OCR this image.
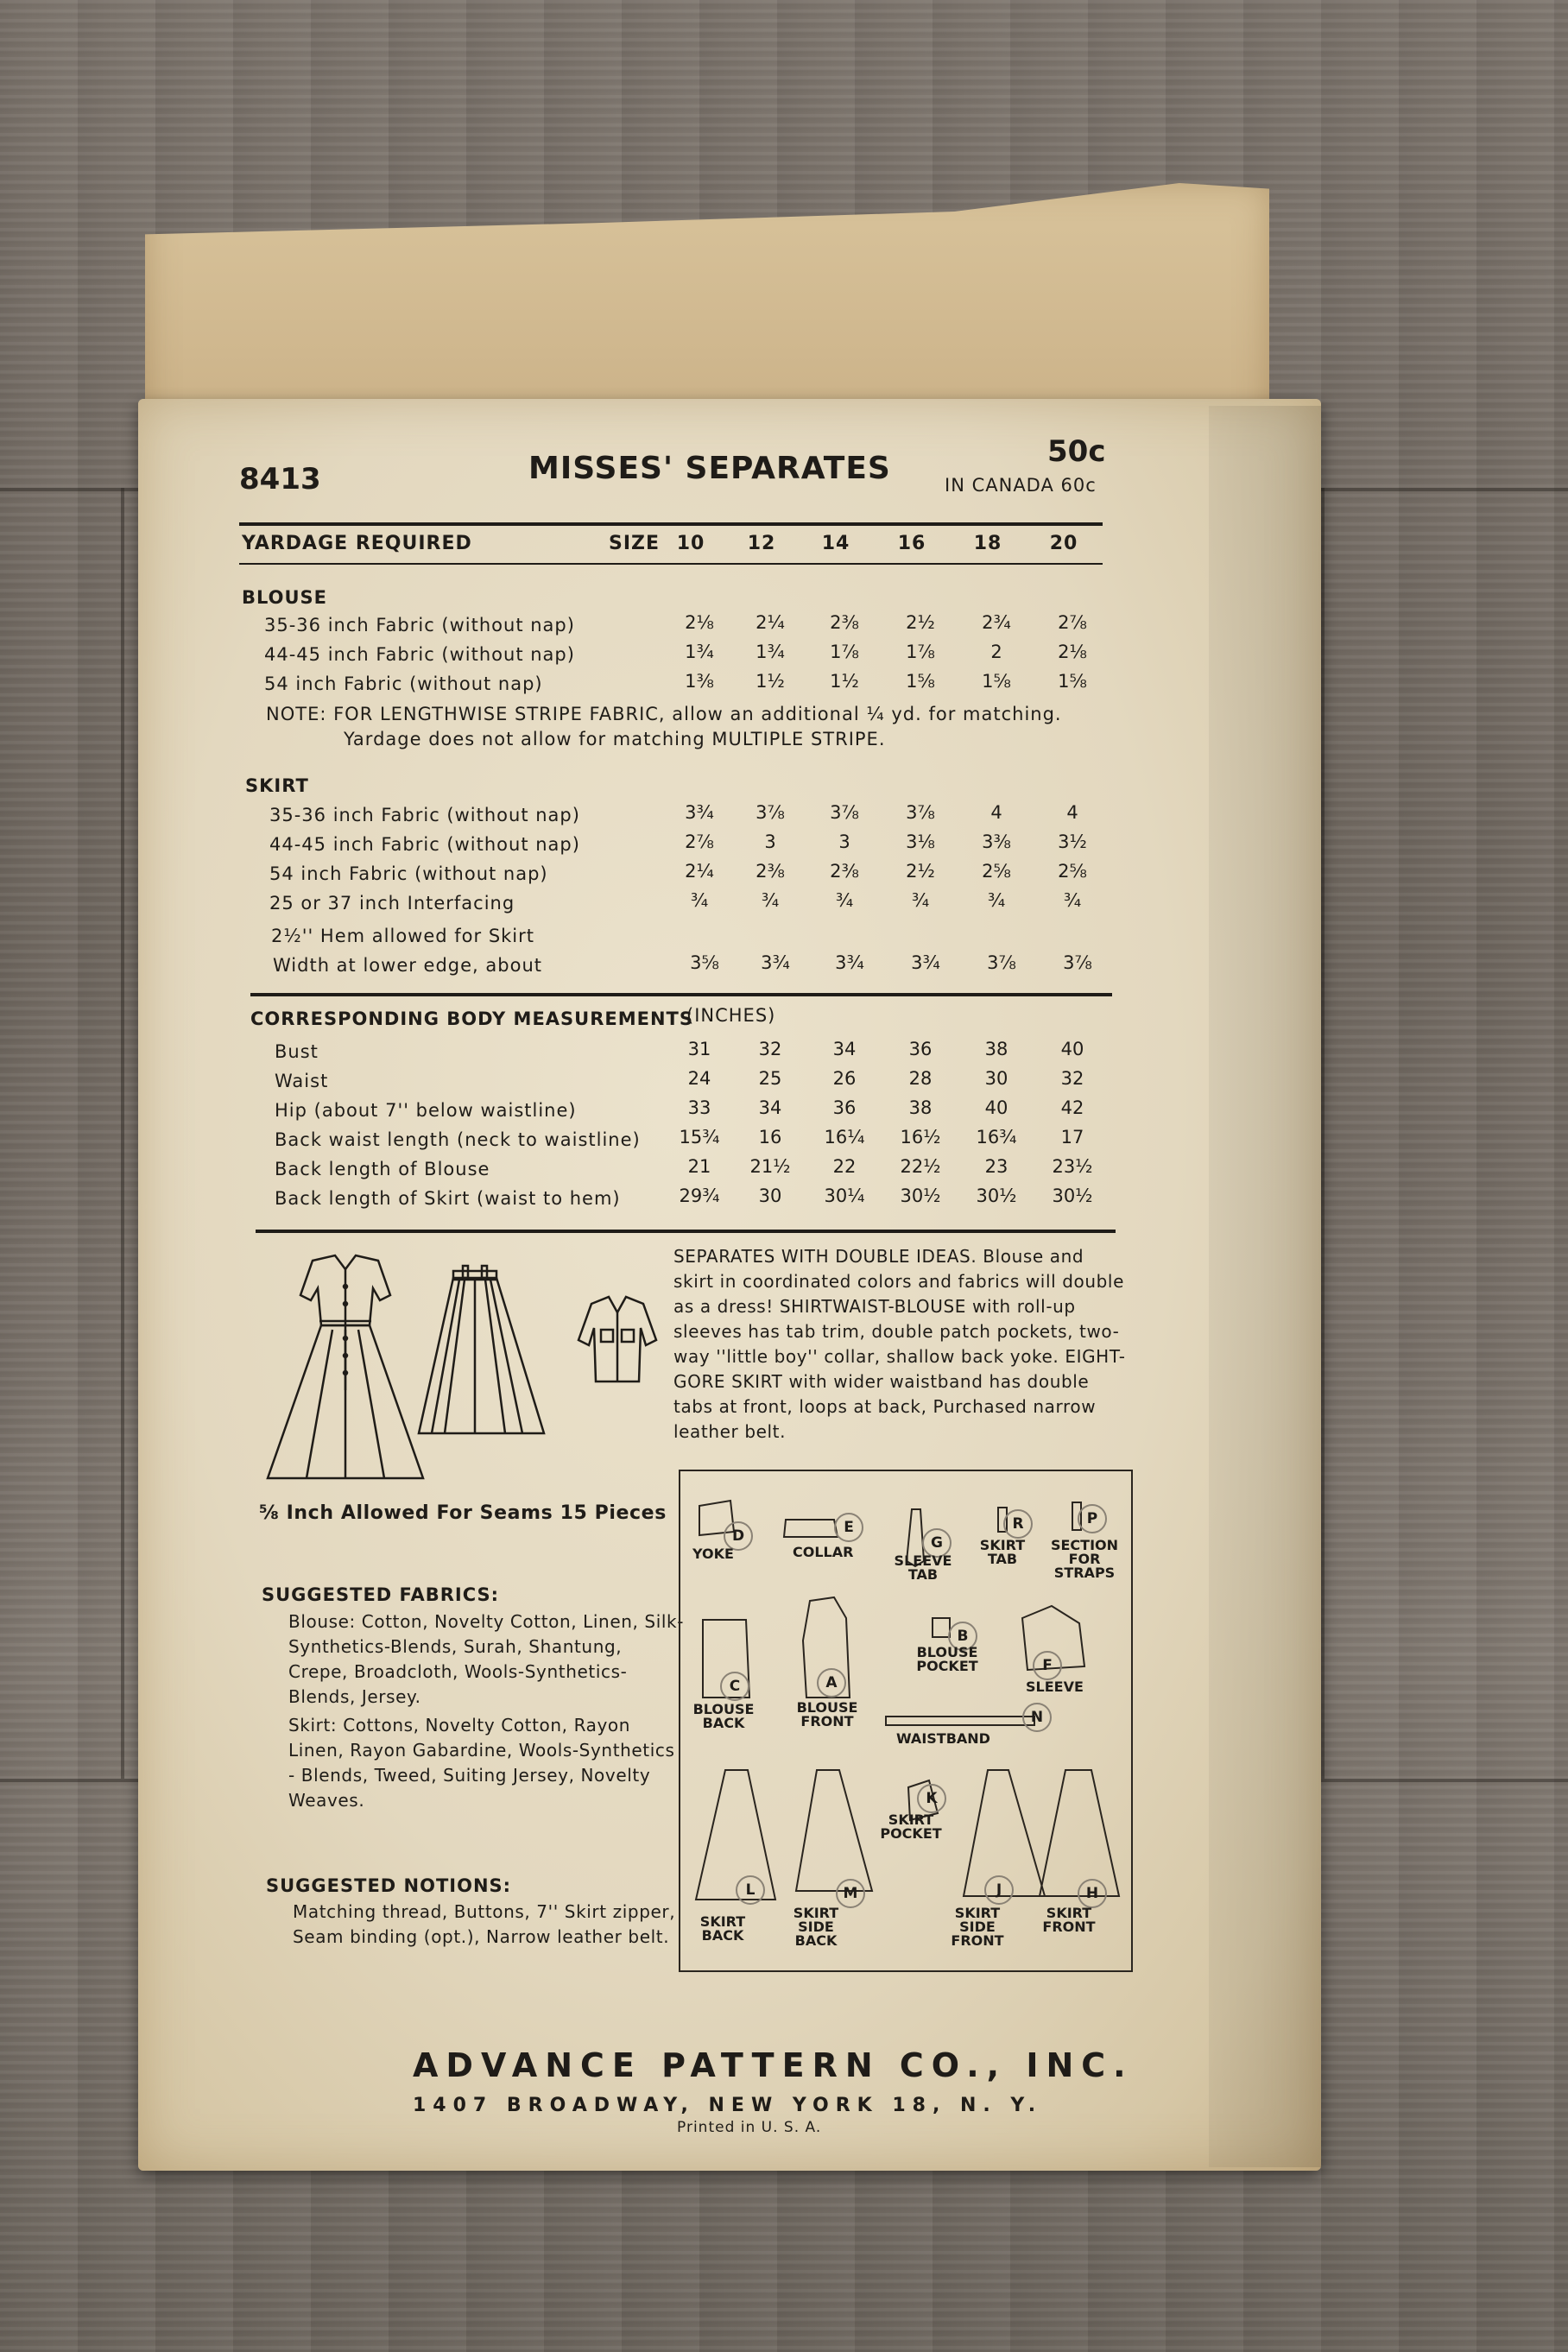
8413	MISSES' SEPARATES	50c
IN CANADA 60c
YARDAGE REQUIRED	SIZE 10	12	14	16	18	20
BLOUSE
35-36 inch Fabric (without nap)	2⅛	2¼	2⅜	2½	2¾	2⅞
44-45 inch Fabric (without nap)	1¾	1¾	1⅞	1⅞	2	2⅛
54 inch Fabric (without nap)	1⅜	1½	1½	1⅝	1⅝	1⅝
NOTE: FOR LENGTHWISE STRIPE FABRIC, allow an additional ¼ yd. for matching.
Yardage does not allow for matching MULTIPLE STRIPE.
SKIRT
35-36 inch Fabric (without nap)	3¾	3⅞	3⅞	3⅞	4	4
44-45 inch Fabric (without nap)	2⅞	3	3	3⅛	3⅜	3½
54 inch Fabric (without nap)	2¼	2⅜	2⅜	2½	2⅝	2⅝
25 or 37 inch Interfacing	¾	¾	¾	¾	¾	¾
2½'' Hem allowed for Skirt
Width at lower edge, about	3⅝	3¾	3¾	3¾	3⅞	3⅞
CORRESPONDING BODY MEASUREMENTS
(INCHES)
Bust	31	32	34	36	38	40
Waist	24	25	26	28	30	32
Hip (about 7'' below waistline)	33	34	36	38	40	42
Back waist length (neck to waistline)	15¾	16	16¼	16½	16¾	17
Back length of Blouse	21	21½	22	22½	23	23½
Back length of Skirt (waist to hem)	29¾	30	30¼	30½	30½	30½
⅝ Inch Allowed For Seams 15 Pieces
SEPARATES WITH DOUBLE IDEAS. Blouse and skirt in coordinated colors and fabrics will double as a dress! SHIRTWAIST-BLOUSE with roll-up sleeves has tab trim, double patch pockets, two-way ''little boy'' collar, shallow back yoke. EIGHT-GORE SKIRT with wider waistband has double tabs at front, loops at back, Purchased narrow leather belt.
SUGGESTED FABRICS:
Blouse: Cotton, Novelty Cotton, Linen, Silk-Synthetics-Blends, Surah, Shantung, Crepe, Broadcloth, Wools-Synthetics-Blends, Jersey.
Skirt: Cottons, Novelty Cotton, Rayon Linen, Rayon Gabardine, Wools-Synthetics - Blends, Tweed, Suiting Jersey, Novelty Weaves.
SUGGESTED NOTIONS:
Matching thread, Buttons, 7'' Skirt zipper, Seam binding (opt.), Narrow leather belt.
D
YOKE
E
COLLAR
G
SLEEVE TAB
R
SKIRT TAB
P
SECTION FOR STRAPS
C
BLOUSE BACK
A
BLOUSE FRONT
B
BLOUSE POCKET	F
SLEEVE
N
WAISTBAND
L
SKIRT BACK
M
SKIRT SIDE BACK
K
SKIRT POCKET
J
SKIRT SIDE FRONT
H
SKIRT FRONT
ADVANCE PATTERN CO., INC.
1407 BROADWAY, NEW YORK 18, N. Y.
Printed in U. S. A.
